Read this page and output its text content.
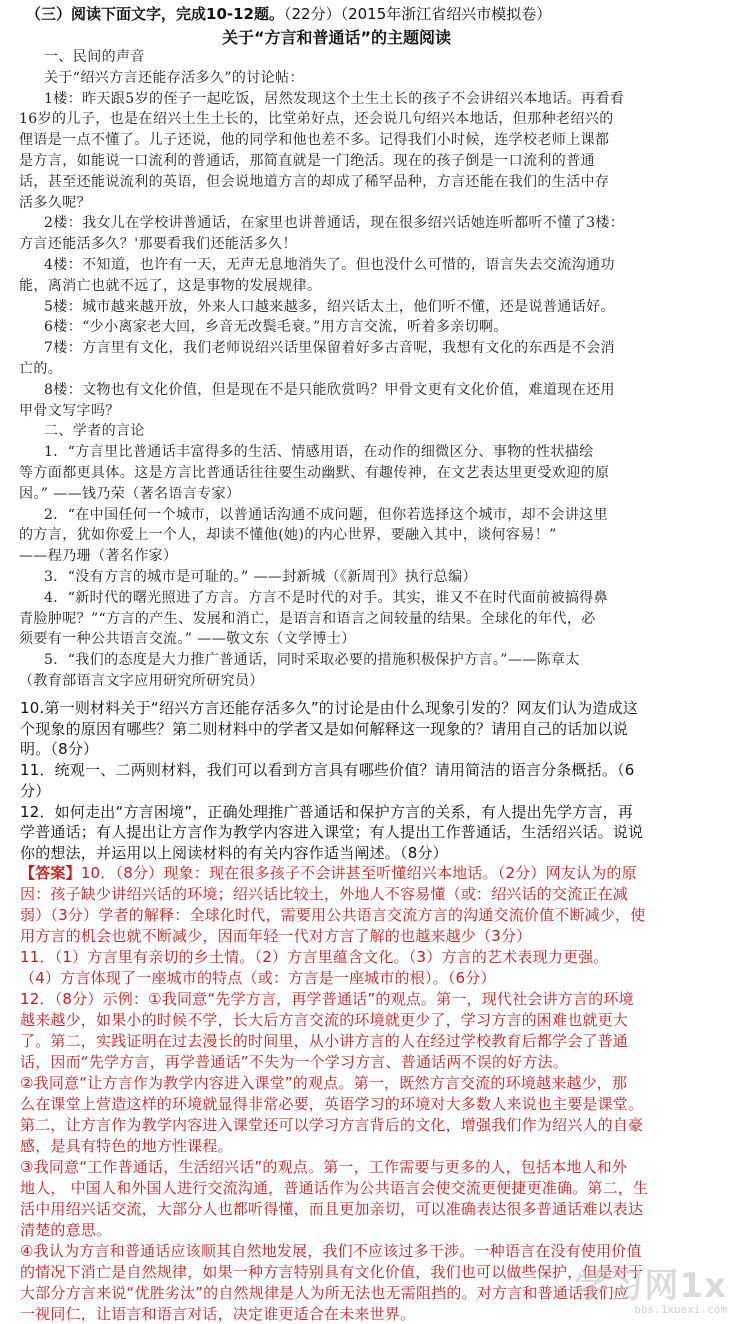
（三）阅读下面文字，完成10-12题。（22分）（2015年浙江省绍兴市模拟卷）
关于“方言和普通话”的主题阅读
一、民间的声音
关于“绍兴方言还能存活多久”的讨论帖：
1楼：昨天跟5岁的侄子一起吃饭，居然发现这个土生土长的孩子不会讲绍兴本地话。再看看
16岁的儿子，也是在绍兴土生土长的，比堂弟好点，还会说几句绍兴本地话，但那种老绍兴的
俚语是一点不懂了。儿子还说，他的同学和他也差不多。记得我们小时候，连学校老师上课都
是方言，如能说一口流利的普通话，那简直就是一门绝活。现在的孩子倒是一口流利的普通
话，甚至还能说流利的英语，但会说地道方言的却成了稀罕品种，方言还能在我们的生活中存
活多久呢？
2楼：我女儿在学校讲普通话，在家里也讲普通话，现在很多绍兴话她连听都听不懂了3楼：
方言还能活多久？'那要看我们还能活多久！
4楼：不知道，也许有一天，无声无息地消失了。但也没什么可惜的，语言失去交流沟通功
能，离消亡也就不远了，这是事物的发展规律。
5楼：城市越来越开放，外来人口越来越多，绍兴话太土，他们听不懂，还是说普通话好。
6楼：“少小离家老大回，乡音无改鬓毛衰。”用方言交流，听着多亲切啊。
7楼：方言里有文化，我们老师说绍兴话里保留着好多古音呢，我想有文化的东西是不会消
亡的。
8楼：文物也有文化价值，但是现在不是只能欣赏吗？甲骨文更有文化价值，难道现在还用
甲骨文写字吗？
二、学者的言论
1．“方言里比普通话丰富得多的生活、情感用语，在动作的细微区分、事物的性状描绘
等方面都更具体。这是方言比普通话往往要生动幽默、有趣传神，在文艺表达里更受欢迎的原
因。” ——钱乃荣（著名语言专家）
2．“在中国任何一个城市，以普通话沟通不成问题，但你若选择这个城市，却不会讲这里
的方言，犹如你爱上一个人，却读不懂他(她)的内心世界，要融入其中，谈何容易！”
——程乃珊（著名作家）
3．“没有方言的城市是可耻的。” ——封新城（《新周刊》执行总编）
4．“新时代的曙光照进了方言。方言不是时代的对手。其实，谁又不在时代面前被搞得鼻
青脸肿呢？”“方言的产生、发展和消亡，是语言和语言之间较量的结果。全球化的年代，必
须要有一种公共语言交流。” ——敬文东（文学博士）
5．“我们的态度是大力推广普通话，同时采取必要的措施积极保护方言。”——陈章太
（教育部语言文字应用研究所研究员）
10.第一则材料关于“绍兴方言还能存活多久”的讨论是由什么现象引发的？网友们认为造成这
个现象的原因有哪些？第二则材料中的学者又是如何解释这一现象的？请用自己的话加以说
明。（8分）
11．统观一、二两则材料，我们可以看到方言具有哪些价值？请用简洁的语言分条概括。（6
分）
12．如何走出“方言困境”，正确处理推广普通话和保护方言的关系，有人提出先学方言，再
学普通话；有人提出让方言作为教学内容进入课堂；有人提出工作普通话，生活绍兴话。说说
你的想法，并运用以上阅读材料的有关内容作适当阐述。（8分）
【答案】10．（8分）现象：现在很多孩子不会讲甚至听懂绍兴本地话。（2分）网友认为的原
因：孩子缺少讲绍兴话的环境；绍兴话比较土，外地人不容易懂（或：绍兴话的交流正在减
弱）（3分）学者的解释：全球化时代，需要用公共语言交流方言的沟通交流价值不断减少，使
用方言的机会也就不断减少，因而年轻一代对方言了解的也越来越少（3分）
11．（1）方言里有亲切的乡土情。（2）方言里蕴含文化。（3）方言的艺术表现力更强。
（4）方言体现了一座城市的特点（或：方言是一座城市的根）。（6分）
12．（8分）示例：①我同意“先学方言，再学普通话”的观点。第一，现代社会讲方言的环境
越来越少，如果小的时候不学，长大后方言交流的环境就更少了，学习方言的困难也就更大
了。第二，实践证明在过去漫长的时间里，从小讲方言的人在经过学校教育后都学会了普通
话，因而“先学方言，再学普通话”不失为一个学习方言、普通话两不误的好方法。
②我同意“让方言作为教学内容进入课堂”的观点。第一，既然方言交流的环境越来越少，那
么在课堂上营造这样的环境就显得非常必要，英语学习的环境对大多数人来说也主要是课堂。
第二，让方言作为教学内容进入课堂还可以学习方言背后的文化，增强我们作为绍兴人的自豪
感，是具有特色的地方性课程。
③我同意“工作普通话，生活绍兴话”的观点。第一，工作需要与更多的人，包括本地人和外
地人， 中国人和外国人进行交流沟通，普通话作为公共语言会使交流更便捷更准确。第二，生
活中用绍兴话交流，大部分人也都听得懂，而且更加亲切，可以准确表达很多普通话难以表达
清楚的意思。
④我认为方言和普通话应该顺其自然地发展，我们不应该过多干涉。一种语言在没有使用价值
的情况下消亡是自然规律，如果一种方言特别具有文化价值，我们也可以做些保护，但是对于
大部分方言来说“优胜劣汰”的自然规律是人为所无法也无需阻挡的。对方言和普通话我们应
一视同仁，让语言和语言对话，决定谁更适合在未来世界。
学习网1x
bbs.1xuexi.com
